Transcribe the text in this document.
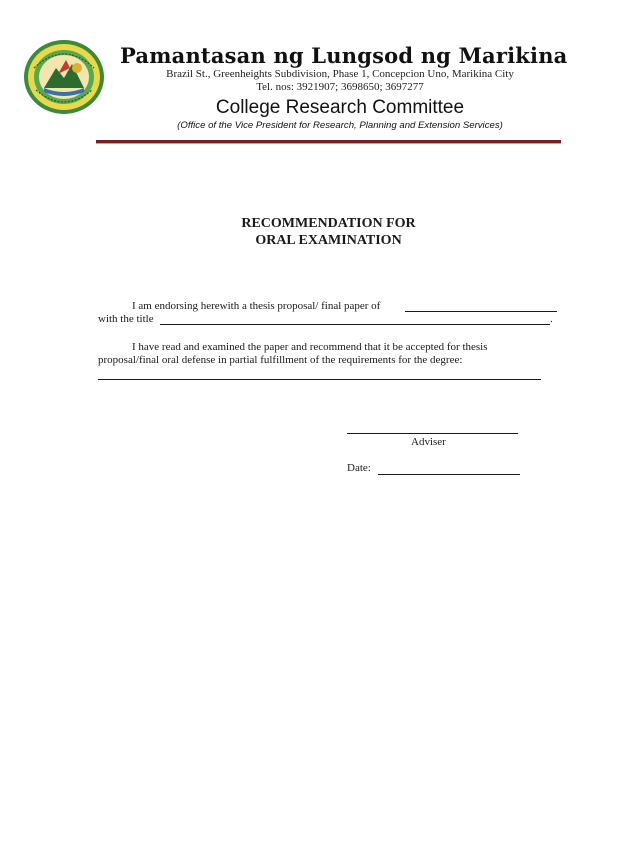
Pamantasan ng Lungsod ng Marikina
Brazil St., Greenheights Subdivision, Phase 1, Concepcion Uno, Marikina City
Tel. nos: 3921907; 3698650; 3697277
College Research Committee
(Office of the Vice President for Research, Planning and Extension Services)
RECOMMENDATION FOR
ORAL EXAMINATION
I am endorsing herewith a thesis proposal/ final paper of
with the title	.
I have read and examined the paper and recommend that it be accepted for thesis
proposal/final oral defense in partial fulfillment of the requirements for the degree:
Adviser
Date:
